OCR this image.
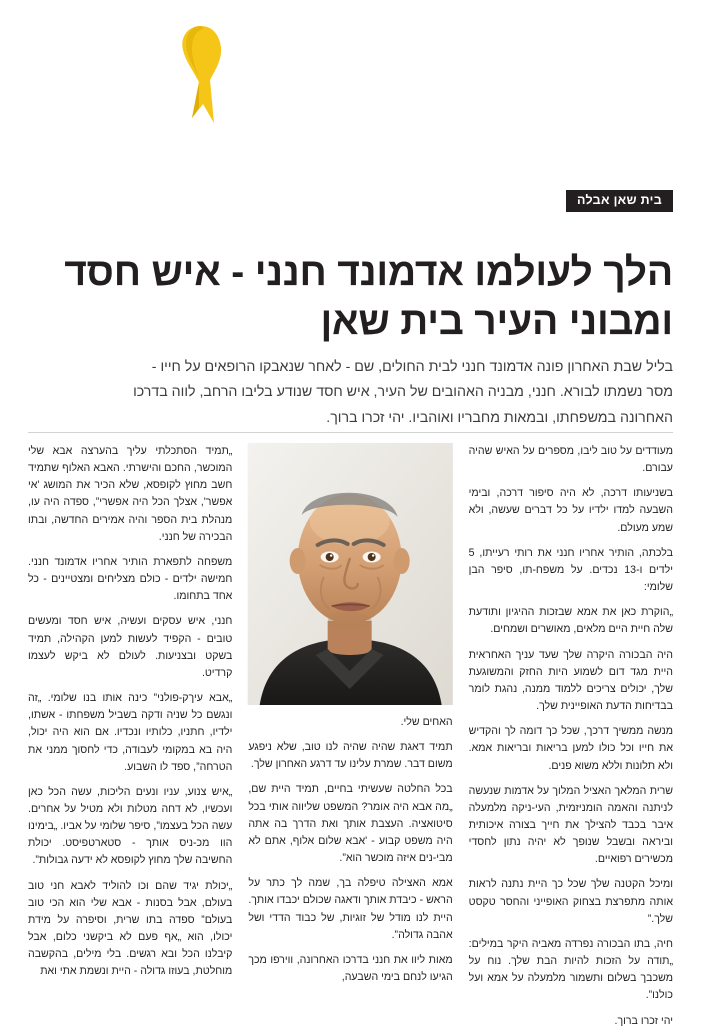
בית שאן אבלה
הלך לעולמו אדמונד חנני - איש חסד ומבוני העיר בית שאן
בליל שבת האחרון פונה אדמונד חנני לבית החולים, שם - לאחר שנאבקו הרופאים על חייו - מסר נשמתו לבורא. חנני, מבניה האהובים של העיר, איש חסד שנודע בליבו הרחב, לווה בדרכו האחרונה במשפחתו, ובמאות מחבריו ואוהביו. יהי זכרו ברוך.

„תמיד הסתכלתי עליך בהערצה אבא שלי המוכשר, החכם והישרתי. האבא האלוף שתמיד חשב מחוץ לקופסא, שלא הכיר את המושג 'אי אפשר', אצלך הכל היה אפשרי”, ספדה היה עו, מנהלת בית הספר והיה אמירים החדשה, ובתו הבכירה של חנני.

משפחה לתפארת הותיר אחריו אדמונד חנני. חמישה ילדים - כולם מצליחים ומצטיינים - כל אחד בתחומו.

חנני, איש עסקים ועשיה, איש חסד ומעשים טובים - הקפיד לעשות למען הקהילה, תמיד בשקט ובצניעות. לעולם לא ביקש לעצמו קרדיט.

„אבא עיךק-פולני” כינה אותו בנו שלומי. „זה ונגשם כל שניה ודקה בשביל משפחתו - אשתו, ילדיו, חתניו, כלותיו ונכדיו. אם הוא היה יכול, היה בא במקומי לעבודה, כדי לחסוך ממני את הטרחה”, ספד לו השבוע.

„איש צנוע, עניו ונעים הליכות, עשה הכל כאן ועכשיו, לא דחה מטלות ולא מטיל על אחרים. עשה הכל בעצמו”, סיפר שלומי על אביו. „בימינו הוו מכ-ניס אותך - סטארטפיסט. יכולת החשיבה שלך מחוץ לקופסא לא ידעה גבולות”.

„יכולת יגיד שהם וכו להוליד לאבא חני טוב בעולם, אבל בסנות - אבא שלי הוא הכי טוב בעולם” ספדה בתו שרית, וסיפרה על מידת יכולו, הוא „אף פעם לא ביקשני כלום, אבל קיבלנו הכל ובא רגשים. בלי מילים, בהקשבה מוחלטת, בעוזו גדולה - היית ונשמת אתי ואת

האחים שלי.

תמיד דאגת שהיה שהיה לנו טוב, שלא ניפגע משום דבר. שמרת עלינו עד דרגע האחרון שלך.

בכל החלטה שעשיתי בחיים, תמיד היית שם, „מה אבא היה אומר? המשפט שליווה אותי בכל סיטואציה. העצבת אותך ואת הדרך בה אתה היה משפט קבוע - 'אבא שלום אלוף, אתם לא מבי-נים איזה מוכשר הוא”.

אמא האצילה טיפלה בך, שמה לך כתר על הראש - כיבדת אותך ודאגה שכולם יכבדו אותך. היית לנו מודל של זוגיות, של כבוד הדדי ושל אהבה גדולה”.

מאות ליוו את חנני בדרכו האחרונה, ווירפו מכך הגיעו לנחם בימי השבעה,

מעודדים על טוב ליבו, מספרים על האיש שהיה עבורם.

בשניעותו דרכה, לא היה סיפור דרכה, ובימי השבעה למדו ילדיו על כל דברים שעשה, ולא שמע מעולם.

בלכתה, הותיר אחריו חנני את רותי רעייתו, 5 ילדים ו-13 נכדים. על משפח-תו, סיפר הבן שלומי:

„הוקרת כאן את אמא שבזכות ההיגיון ותודעת שלה חיית היים מלאים, מאושרים ושמחים.

היה הבכורה היקרה שלך שעד עניך האחראית היית מגד דום לשמוע היות החזק והמשוגעת שלך, יכולים צריכים ללמוד ממנה, נהגת לומר בבדיחות הדעת האופיינית שלך.

מנשה ממשיך דרכך, שכל כך דומה לך והקדיש את חייו וכל כולו למען בריאות ובריאות אמא. ולא תלונות וללא משוא פנים.

שרית המלאך האציל המלוך על אדמות שנעשה לניתנה והאמה הומניזמית, העי-ניקה מלמעלה איבר בכבד להצילך את חייך בצורה איכותית וביראה ובשבל שנופך לא יהיה נתון לחסדי מכשירים רפואיים.

ומיכל הקטנה שלך שכל כך היית נתנה לראות אותה מתפרצת בצחוק האופייני והחסר טקסט שלך.”

חיה, בתו הבכורה נפרדה מאביה היקר במילים: „תודה על הזכות להיות הבת שלך. נוח על משכבך בשלום ותשמור מלמעלה על אמא ועל כולנו”.

יהי זכרו ברוך.
